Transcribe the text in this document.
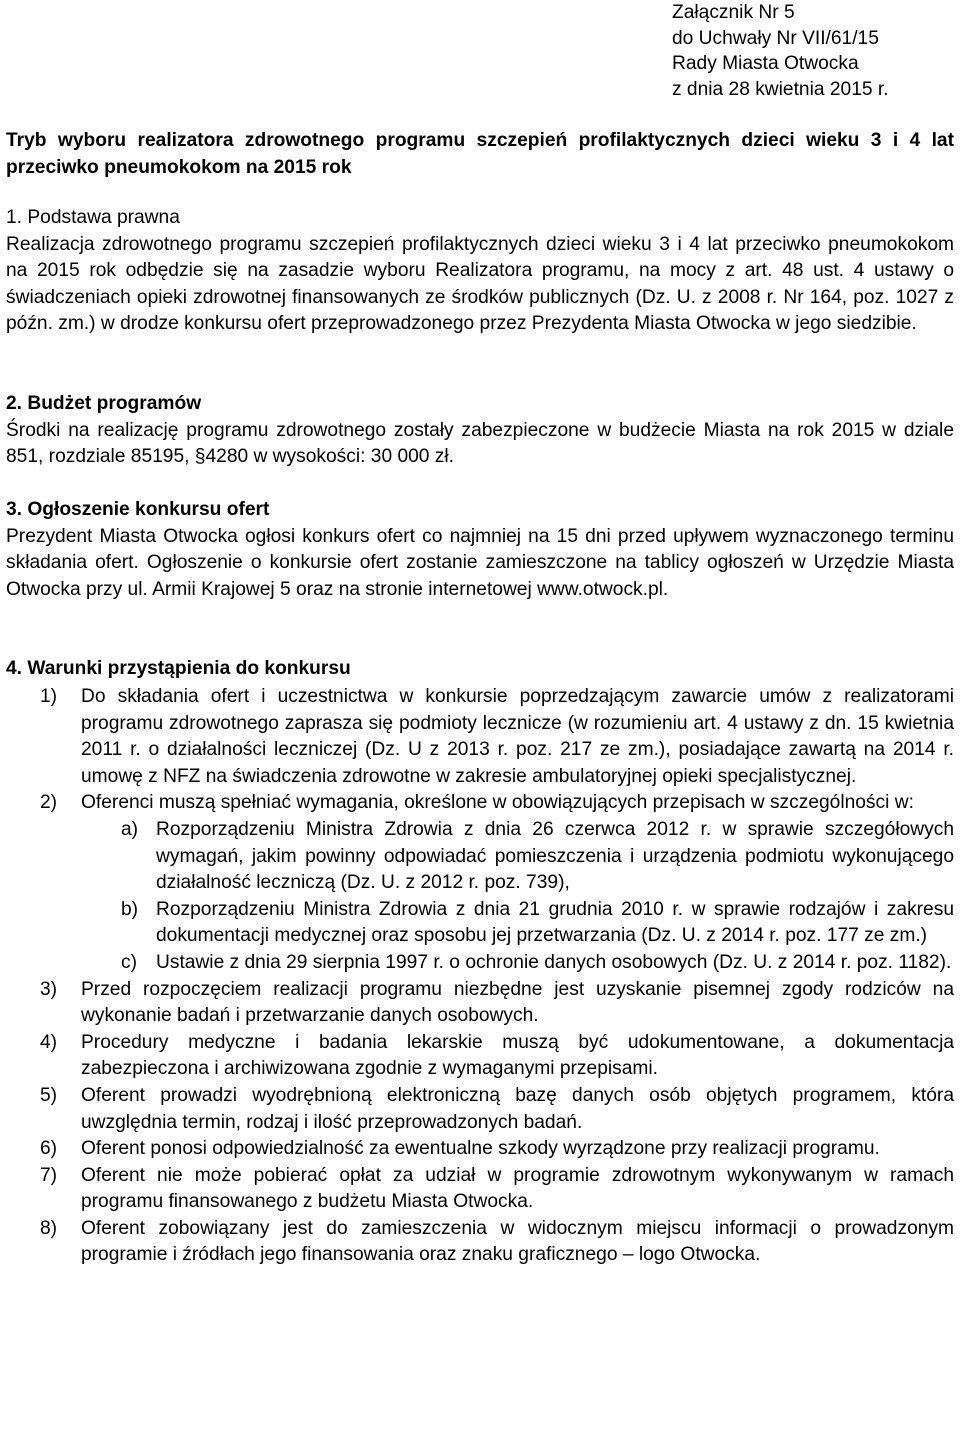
Załącznik Nr 5
do Uchwały Nr VII/61/15
Rady Miasta Otwocka
z dnia 28 kwietnia 2015 r.
Tryb wyboru realizatora zdrowotnego programu szczepień profilaktycznych dzieci wieku 3 i 4 lat przeciwko pneumokokom na 2015 rok
1. Podstawa prawna
Realizacja zdrowotnego programu szczepień profilaktycznych dzieci wieku 3 i 4 lat przeciwko pneumokokom na 2015 rok odbędzie się na zasadzie wyboru Realizatora programu, na mocy z art. 48 ust. 4 ustawy o świadczeniach opieki zdrowotnej finansowanych ze środków publicznych (Dz. U. z 2008 r. Nr 164, poz. 1027 z późn. zm.) w drodze konkursu ofert przeprowadzonego przez Prezydenta Miasta Otwocka w jego siedzibie.
2. Budżet programów
Środki na realizację programu zdrowotnego zostały zabezpieczone w budżecie Miasta na rok 2015 w dziale 851, rozdziale 85195, §4280 w wysokości: 30 000 zł.
3. Ogłoszenie konkursu ofert
Prezydent Miasta Otwocka ogłosi konkurs ofert co najmniej na 15 dni przed upływem wyznaczonego terminu składania ofert. Ogłoszenie o konkursie ofert zostanie zamieszczone na tablicy ogłoszeń w Urzędzie Miasta Otwocka przy ul. Armii Krajowej 5 oraz na stronie internetowej www.otwock.pl.
4. Warunki przystąpienia do konkursu
1)	Do składania ofert i uczestnictwa w konkursie poprzedzającym zawarcie umów z realizatorami programu zdrowotnego zaprasza się podmioty lecznicze (w rozumieniu art. 4 ustawy z dn. 15 kwietnia 2011 r. o działalności leczniczej (Dz. U z 2013 r. poz. 217 ze zm.), posiadające zawartą na 2014 r. umowę z NFZ na świadczenia zdrowotne w zakresie ambulatoryjnej opieki specjalistycznej.
2)	Oferenci muszą spełniać wymagania, określone w obowiązujących przepisach w szczególności w:
a) Rozporządzeniu Ministra Zdrowia z dnia 26 czerwca 2012 r. w sprawie szczegółowych wymagań, jakim powinny odpowiadać pomieszczenia i urządzenia podmiotu wykonującego działalność leczniczą (Dz. U. z 2012 r. poz. 739),
b) Rozporządzeniu Ministra Zdrowia z dnia 21 grudnia 2010 r. w sprawie rodzajów i zakresu dokumentacji medycznej oraz sposobu jej przetwarzania (Dz. U. z 2014 r. poz. 177 ze zm.)
c) Ustawie z dnia 29 sierpnia 1997 r. o ochronie danych osobowych (Dz. U. z 2014 r. poz. 1182).
3)	Przed rozpoczęciem realizacji programu niezbędne jest uzyskanie pisemnej zgody rodziców na wykonanie badań i przetwarzanie danych osobowych.
4)	Procedury medyczne i badania lekarskie muszą być udokumentowane, a dokumentacja zabezpieczona i archiwizowana zgodnie z wymaganymi przepisami.
5)	Oferent prowadzi wyodrębnioną elektroniczną bazę danych osób objętych programem, która uwzględnia termin, rodzaj i ilość przeprowadzonych badań.
6)	Oferent ponosi odpowiedzialność za ewentualne szkody wyrządzone przy realizacji programu.
7)	Oferent nie może pobierać opłat za udział w programie zdrowotnym wykonywanym w ramach programu finansowanego z budżetu Miasta Otwocka.
8)	Oferent zobowiązany jest do zamieszczenia w widocznym miejscu informacji o prowadzonym programie i źródłach jego finansowania oraz znaku graficznego – logo Otwocka.
